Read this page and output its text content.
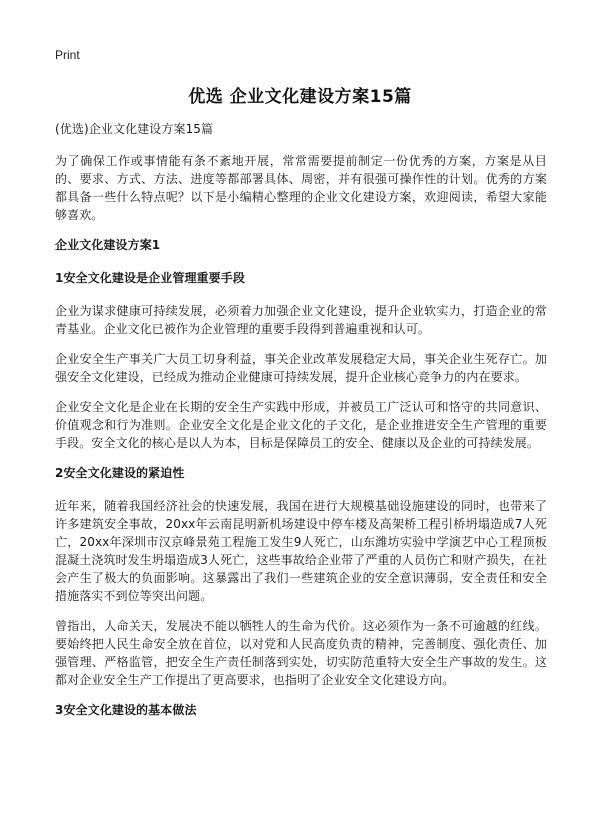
Print
优选 企业文化建设方案15篇

(优选)企业文化建设方案15篇

为了确保工作或事情能有条不紊地开展，常常需要提前制定一份优秀的方案，方案是从目的、要求、方式、方法、进度等都部署具体、周密，并有很强可操作性的计划。优秀的方案都具备一些什么特点呢？以下是小编精心整理的企业文化建设方案，欢迎阅读，希望大家能够喜欢。

企业文化建设方案1
1安全文化建设是企业管理重要手段

企业为谋求健康可持续发展，必须着力加强企业文化建设，提升企业软实力，打造企业的常青基业。企业文化已被作为企业管理的重要手段得到普遍重视和认可。

企业安全生产事关广大员工切身利益，事关企业改革发展稳定大局，事关企业生死存亡。加强安全文化建设，已经成为推动企业健康可持续发展，提升企业核心竞争力的内在要求。

企业安全文化是企业在长期的安全生产实践中形成，并被员工广泛认可和恪守的共同意识、价值观念和行为准则。企业安全文化是企业文化的子文化，是企业推进安全生产管理的重要手段。安全文化的核心是以人为本，目标是保障员工的安全、健康以及企业的可持续发展。

2安全文化建设的紧迫性

近年来，随着我国经济社会的快速发展，我国在进行大规模基础设施建设的同时，也带来了许多建筑安全事故，20xx年云南昆明新机场建设中停车楼及高架桥工程引桥坍塌造成7人死亡，20xx年深圳市汉京峰景苑工程施工发生9人死亡，山东潍坊实验中学演艺中心工程顶板混凝土浇筑时发生坍塌造成3人死亡，这些事故给企业带了严重的人员伤亡和财产损失，在社会产生了极大的负面影响。这暴露出了我们一些建筑企业的安全意识薄弱，安全责任和安全措施落实不到位等突出问题。

曾指出，人命关天，发展决不能以牺牲人的生命为代价。这必须作为一条不可逾越的红线。要始终把人民生命安全放在首位，以对党和人民高度负责的精神，完善制度、强化责任、加强管理、严格监管，把安全生产责任制落到实处，切实防范重特大安全生产事故的发生。这都对企业安全生产工作提出了更高要求，也指明了企业安全文化建设方向。

3安全文化建设的基本做法
